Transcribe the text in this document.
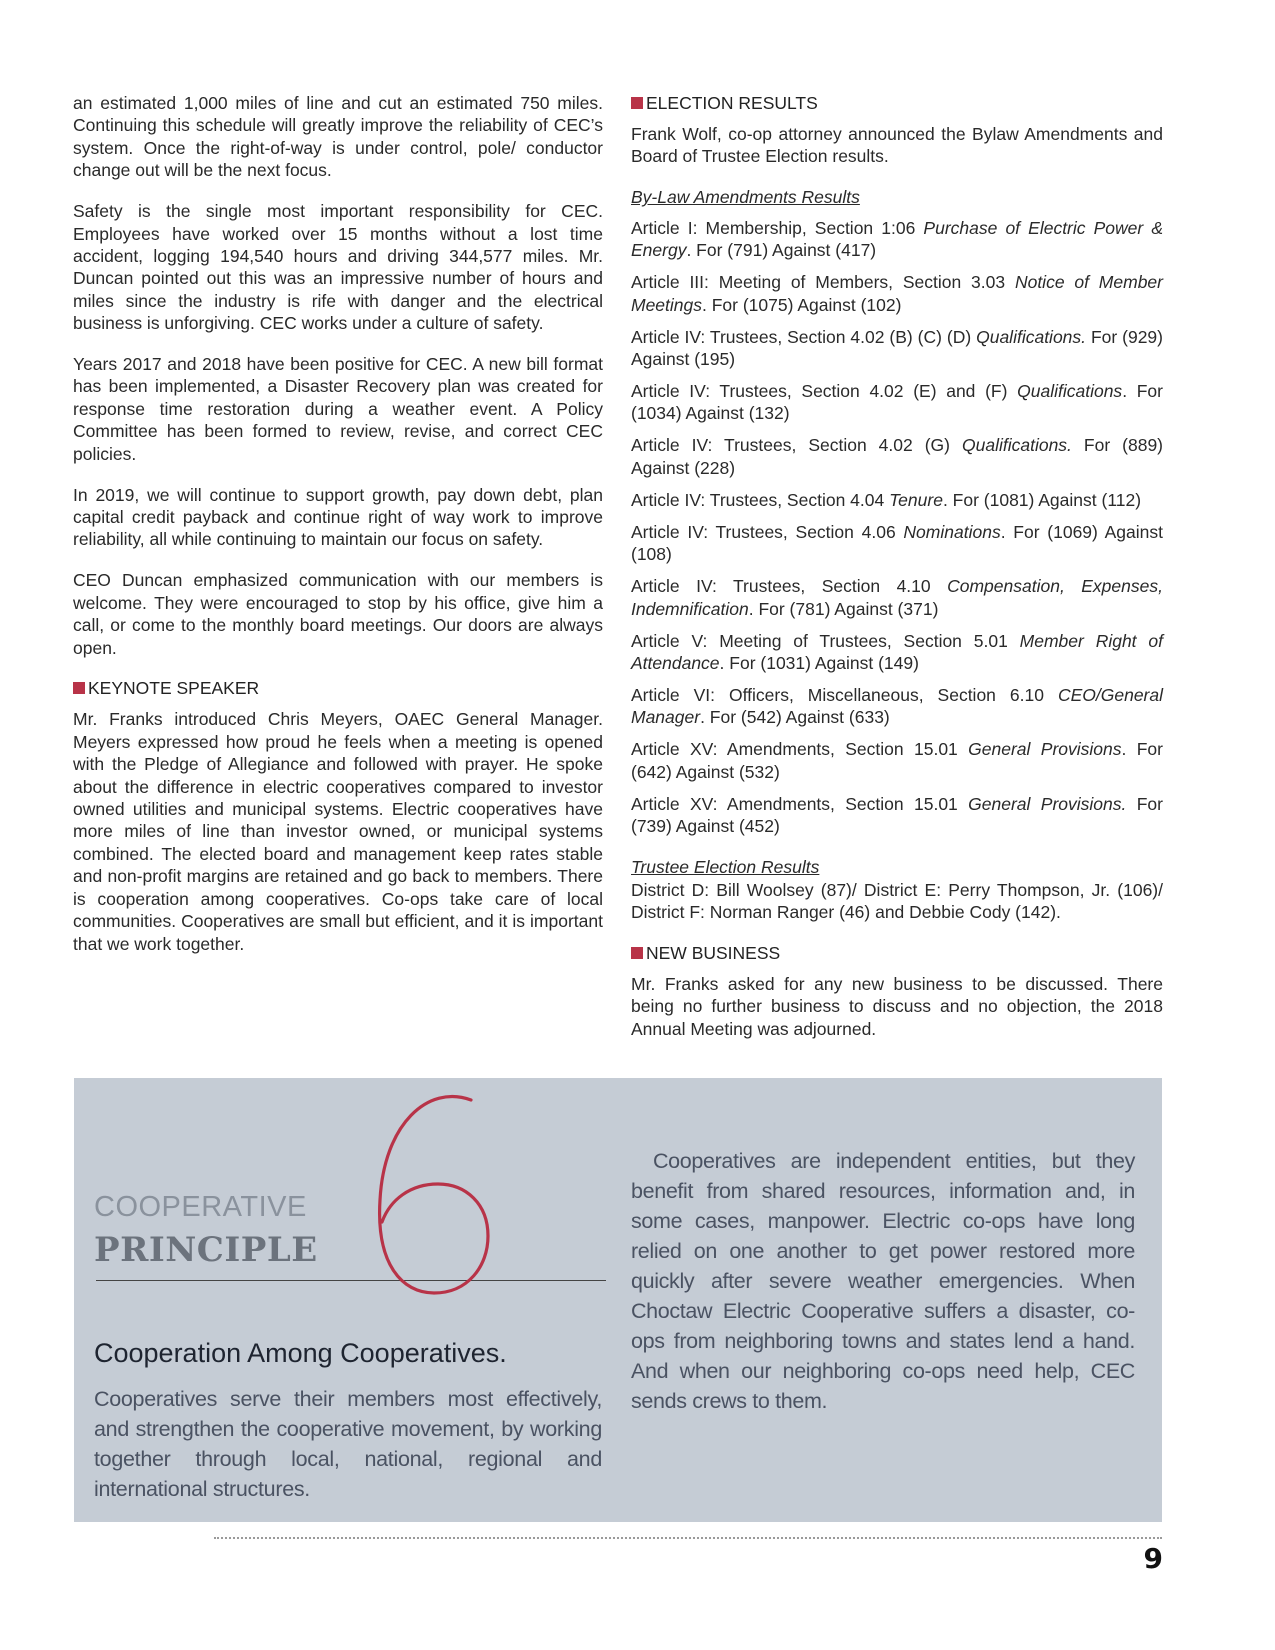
an estimated 1,000 miles of line and cut an estimated 750 miles. Continuing this schedule will greatly improve the reliability of CEC’s system. Once the right-of-way is under control, pole/ conductor change out will be the next focus.

Safety is the single most important responsibility for CEC. Employees have worked over 15 months without a lost time accident, logging 194,540 hours and driving 344,577 miles. Mr. Duncan pointed out this was an impressive number of hours and miles since the industry is rife with danger and the electrical business is unforgiving. CEC works under a culture of safety.

Years 2017 and 2018 have been positive for CEC. A new bill format has been implemented, a Disaster Recovery plan was created for response time restoration during a weather event. A Policy Committee has been formed to review, revise, and correct CEC policies.

In 2019, we will continue to support growth, pay down debt, plan capital credit payback and continue right of way work to improve reliability, all while continuing to maintain our focus on safety.

CEO Duncan emphasized communication with our members is welcome. They were encouraged to stop by his office, give him a call, or come to the monthly board meetings. Our doors are always open.

KEYNOTE SPEAKER

Mr. Franks introduced Chris Meyers, OAEC General Manager. Meyers expressed how proud he feels when a meeting is opened with the Pledge of Allegiance and followed with prayer. He spoke about the difference in electric cooperatives compared to investor owned utilities and municipal systems. Electric cooperatives have more miles of line than investor owned, or municipal systems combined. The elected board and management keep rates stable and non-profit margins are retained and go back to members. There is cooperation among cooperatives. Co-ops take care of local communities. Cooperatives are small but efficient, and it is important that we work together.

ELECTION RESULTS

Frank Wolf, co-op attorney announced the Bylaw Amendments and Board of Trustee Election results.

By-Law Amendments Results

Article I: Membership, Section 1:06 Purchase of Electric Power & Energy. For (791) Against (417)

Article III: Meeting of Members, Section 3.03 Notice of Member Meetings. For (1075) Against (102)

Article IV: Trustees, Section 4.02 (B) (C) (D) Qualifications. For (929) Against (195)

Article IV: Trustees, Section 4.02 (E) and (F) Qualifications. For (1034) Against (132)

Article IV: Trustees, Section 4.02 (G) Qualifications. For (889) Against (228)

Article IV: Trustees, Section 4.04 Tenure. For (1081) Against (112)

Article IV: Trustees, Section 4.06 Nominations. For (1069) Against (108)

Article IV: Trustees, Section 4.10 Compensation, Expenses, Indemnification. For (781) Against (371)

Article V: Meeting of Trustees, Section 5.01 Member Right of Attendance. For (1031) Against (149)

Article VI: Officers, Miscellaneous, Section 6.10 CEO/General Manager. For (542) Against (633)

Article XV: Amendments, Section 15.01 General Provisions. For (642) Against (532)

Article XV: Amendments, Section 15.01 General Provisions. For (739) Against (452)

Trustee Election Results

District D: Bill Woolsey (87)/ District E: Perry Thompson, Jr. (106)/ District F: Norman Ranger (46) and Debbie Cody (142).

NEW BUSINESS

Mr. Franks asked for any new business to be discussed. There being no further business to discuss and no objection, the 2018 Annual Meeting was adjourned.

COOPERATIVE
PRINCIPLE
Cooperation Among Cooperatives.
Cooperatives serve their members most effectively, and strengthen the cooperative movement, by working together through local, national, regional and international structures.
Cooperatives are independent entities, but they benefit from shared resources, information and, in some cases, manpower. Electric co-ops have long relied on one another to get power restored more quickly after severe weather emergencies. When Choctaw Electric Cooperative suffers a disaster, co-ops from neighboring towns and states lend a hand. And when our neighboring co-ops need help, CEC sends crews to them.
9
